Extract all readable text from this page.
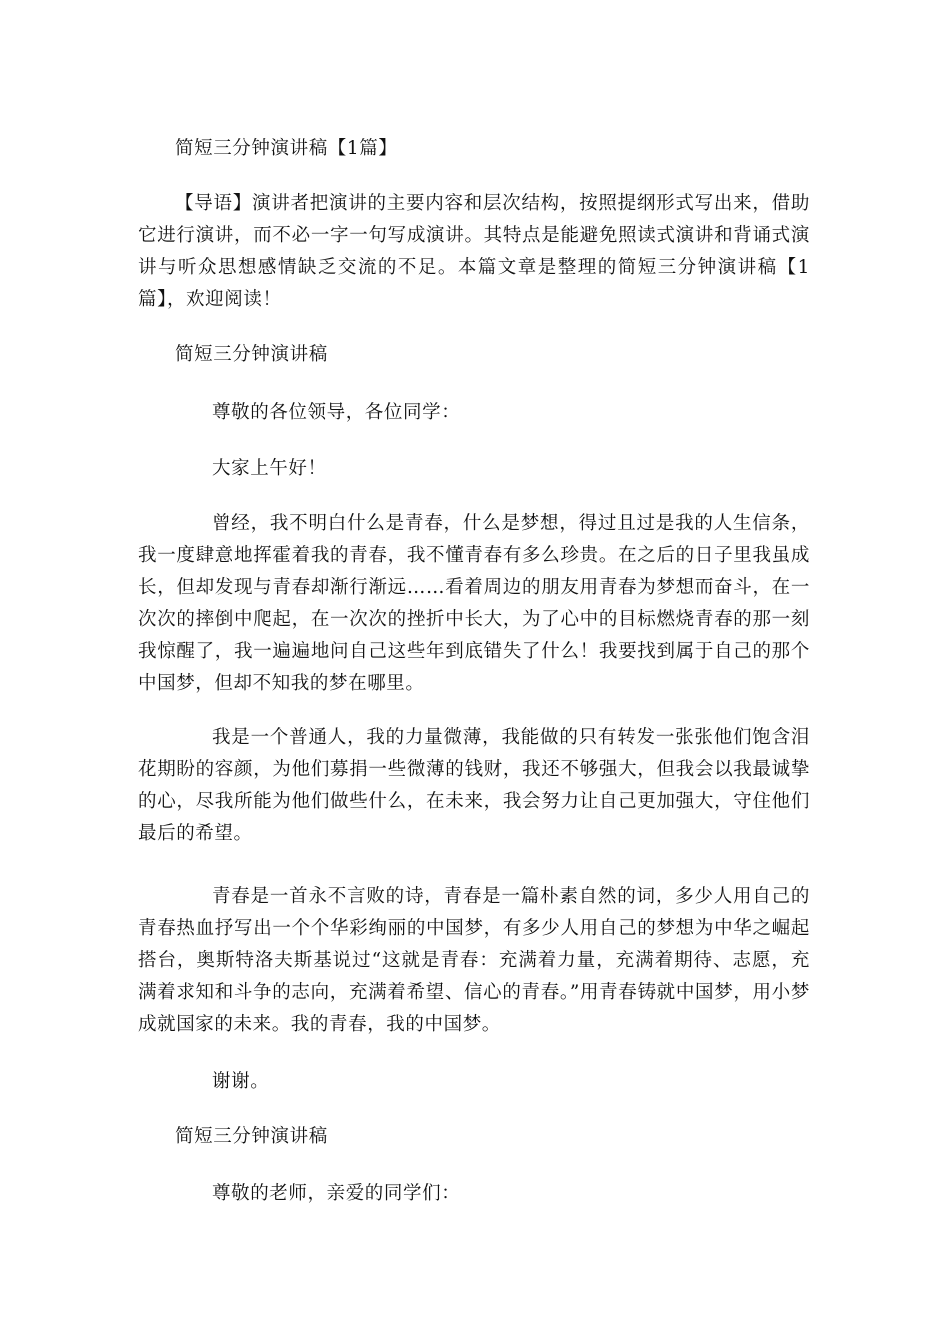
简短三分钟演讲稿【1篇】

【导语】演讲者把演讲的主要内容和层次结构，按照提纲形式写出来，借助它进行演讲，而不必一字一句写成演讲。其特点是能避免照读式演讲和背诵式演讲与听众思想感情缺乏交流的不足。本篇文章是整理的简短三分钟演讲稿【1篇】，欢迎阅读！

简短三分钟演讲稿

尊敬的各位领导，各位同学：

大家上午好！

曾经，我不明白什么是青春，什么是梦想，得过且过是我的人生信条，我一度肆意地挥霍着我的青春，我不懂青春有多么珍贵。在之后的日子里我虽成长，但却发现与青春却渐行渐远……看着周边的朋友用青春为梦想而奋斗，在一次次的摔倒中爬起，在一次次的挫折中长大，为了心中的目标燃烧青春的那一刻我惊醒了，我一遍遍地问自己这些年到底错失了什么！我要找到属于自己的那个中国梦，但却不知我的梦在哪里。

我是一个普通人，我的力量微薄，我能做的只有转发一张张他们饱含泪花期盼的容颜，为他们募捐一些微薄的钱财，我还不够强大，但我会以我最诚挚的心，尽我所能为他们做些什么，在未来，我会努力让自己更加强大，守住他们最后的希望。

青春是一首永不言败的诗，青春是一篇朴素自然的词，多少人用自己的青春热血抒写出一个个华彩绚丽的中国梦，有多少人用自己的梦想为中华之崛起搭台，奥斯特洛夫斯基说过“这就是青春：充满着力量，充满着期待、志愿，充满着求知和斗争的志向，充满着希望、信心的青春。”用青春铸就中国梦，用小梦成就国家的未来。我的青春，我的中国梦。

谢谢。

简短三分钟演讲稿

尊敬的老师，亲爱的同学们：
